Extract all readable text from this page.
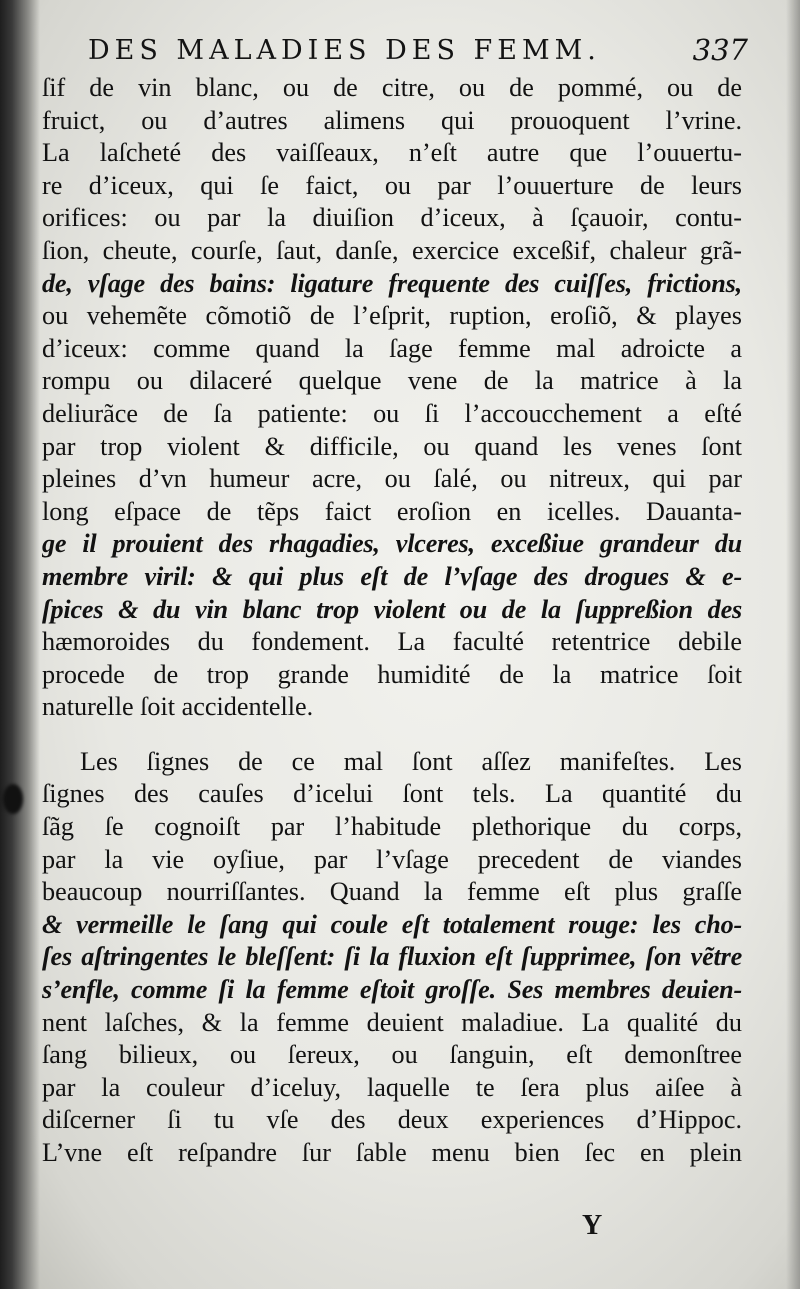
DES MALADIES DES FEMM.	337
ſif de vin blanc, ou de citre, ou de pommé, ou de
fruict, ou d’autres alimens qui prouoquent l’vrine.
La laſcheté des vaiſſeaux, n’eſt autre que l’ouuertu-
re d’iceux, qui ſe faict, ou par l’ouuerture de leurs
orifices: ou par la diuiſion d’iceux, à ſçauoir, contu-
ſion, cheute, courſe, ſaut, danſe, exercice exceßif, chaleur grã-
de, vſage des bains: ligature frequente des cuiſſes, frictions,
ou vehemẽte cõmotiõ de l’eſprit, ruption, eroſiõ, & playes
d’iceux: comme quand la ſage femme mal adroicte a
rompu ou dilaceré quelque vene de la matrice à la
deliurãce de ſa patiente: ou ſi l’accoucchement a eſté
par trop violent & difficile, ou quand les venes ſont
pleines d’vn humeur acre, ou ſalé, ou nitreux, qui par
long eſpace de tẽps faict eroſion en icelles. Dauanta-
ge il prouient des rhagadies, vlceres, exceßiue grandeur du
membre viril: & qui plus eſt de l’vſage des drogues & e-
ſpices & du vin blanc trop violent ou de la ſuppreßion des
hæmoroides du fondement. La faculté retentrice debile
procede de trop grande humidité de la matrice ſoit
naturelle ſoit accidentelle.
Les ſignes de ce mal ſont aſſez manifeſtes. Les
ſignes des cauſes d’icelui ſont tels. La quantité du
ſãg ſe cognoiſt par l’habitude plethorique du corps,
par la vie oyſiue, par l’vſage precedent de viandes
beaucoup nourriſſantes. Quand la femme eſt plus graſſe
& vermeille le ſang qui coule eſt totalement rouge: les cho-
ſes aſtringentes le bleſſent: ſi la fluxion eſt ſupprimee, ſon vẽtre
s’enfle, comme ſi la femme eſtoit groſſe. Ses membres deuien-
nent laſches, & la femme deuient maladiue. La qualité du
ſang bilieux, ou ſereux, ou ſanguin, eſt demonſtree
par la couleur d’iceluy, laquelle te ſera plus aiſee à
diſcerner ſi tu vſe des deux experiences d’Hippoc.
L’vne eſt reſpandre ſur ſable menu bien ſec en plein
Y
